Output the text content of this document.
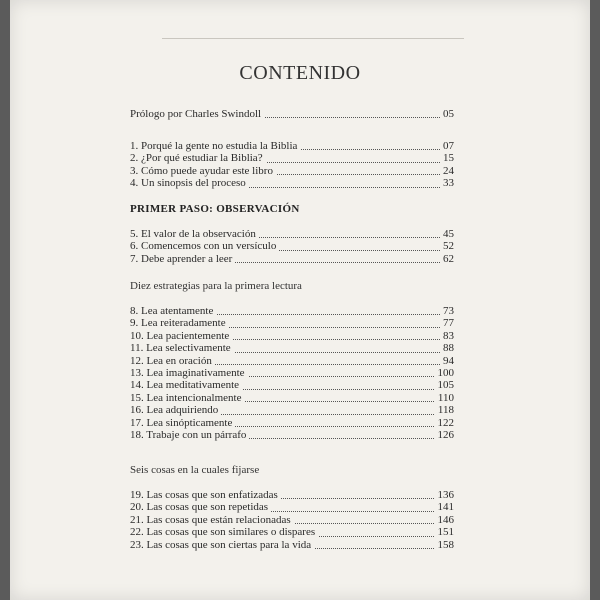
CONTENIDO
Prólogo por Charles Swindoll	05
1. Porqué la gente no estudia la Biblia	07
2. ¿Por qué estudiar la Biblia?	15
3. Cómo puede ayudar este libro	24
4. Un sinopsis del proceso	33
PRIMER PASO: OBSERVACIÓN
5. El valor de la observación	45
6. Comencemos con un versículo	52
7. Debe aprender a leer	62
Diez estrategias para la primera lectura
8. Lea atentamente	73
9. Lea reiteradamente	77
10. Lea pacientemente	83
11. Lea selectivamente	88
12. Lea en oración	94
13. Lea imaginativamente	100
14. Lea meditativamente	105
15. Lea intencionalmente	110
16. Lea adquiriendo	118
17. Lea sinópticamente	122
18. Trabaje con un párrafo	126
Seis cosas en la cuales fijarse
19. Las cosas que son enfatizadas	136
20. Las cosas que son repetidas	141
21. Las cosas que están relacionadas	146
22. Las cosas que son similares o dispares	151
23. Las cosas que son ciertas para la vida	158
